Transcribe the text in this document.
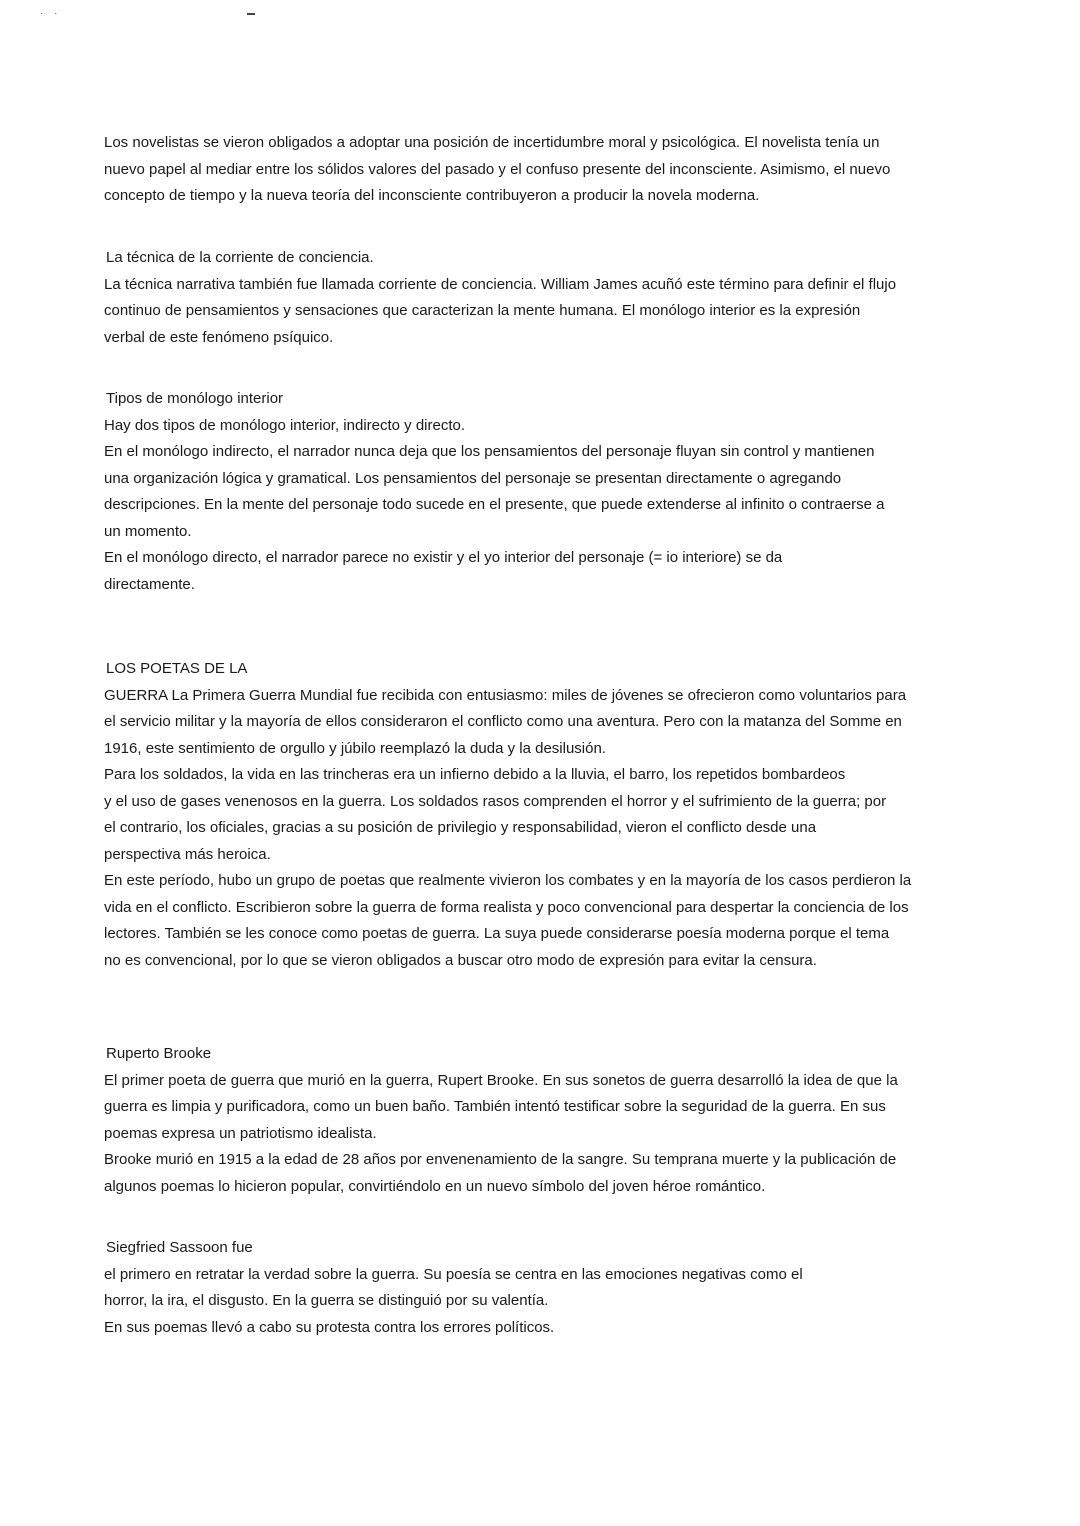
· ·

Los novelistas se vieron obligados a adoptar una posición de incertidumbre moral y psicológica. El novelista tenía un

nuevo papel al mediar entre los sólidos valores del pasado y el confuso presente del inconsciente. Asimismo, el nuevo

concepto de tiempo y la nueva teoría del inconsciente contribuyeron a producir la novela moderna.

La técnica de la corriente de conciencia.

La técnica narrativa también fue llamada corriente de conciencia. William James acuñó este término para definir el flujo

continuo de pensamientos y sensaciones que caracterizan la mente humana. El monólogo interior es la expresión

verbal de este fenómeno psíquico.

Tipos de monólogo interior

Hay dos tipos de monólogo interior, indirecto y directo.

En el monólogo indirecto, el narrador nunca deja que los pensamientos del personaje fluyan sin control y mantienen

una organización lógica y gramatical. Los pensamientos del personaje se presentan directamente o agregando

descripciones. En la mente del personaje todo sucede en el presente, que puede extenderse al infinito o contraerse a

un momento.

En el monólogo directo, el narrador parece no existir y el yo interior del personaje (= io interiore) se da

directamente.

LOS POETAS DE LA

GUERRA La Primera Guerra Mundial fue recibida con entusiasmo: miles de jóvenes se ofrecieron como voluntarios para

el servicio militar y la mayoría de ellos consideraron el conflicto como una aventura. Pero con la matanza del Somme en

1916, este sentimiento de orgullo y júbilo reemplazó la duda y la desilusión.

Para los soldados, la vida en las trincheras era un infierno debido a la lluvia, el barro, los repetidos bombardeos

y el uso de gases venenosos en la guerra. Los soldados rasos comprenden el horror y el sufrimiento de la guerra; por

el contrario, los oficiales, gracias a su posición de privilegio y responsabilidad, vieron el conflicto desde una

perspectiva más heroica.

En este período, hubo un grupo de poetas que realmente vivieron los combates y en la mayoría de los casos perdieron la

vida en el conflicto. Escribieron sobre la guerra de forma realista y poco convencional para despertar la conciencia de los

lectores. También se les conoce como poetas de guerra. La suya puede considerarse poesía moderna porque el tema

no es convencional, por lo que se vieron obligados a buscar otro modo de expresión para evitar la censura.

Ruperto Brooke

El primer poeta de guerra que murió en la guerra, Rupert Brooke. En sus sonetos de guerra desarrolló la idea de que la

guerra es limpia y purificadora, como un buen baño. También intentó testificar sobre la seguridad de la guerra. En sus

poemas expresa un patriotismo idealista.

Brooke murió en 1915 a la edad de 28 años por envenenamiento de la sangre. Su temprana muerte y la publicación de

algunos poemas lo hicieron popular, convirtiéndolo en un nuevo símbolo del joven héroe romántico.

Siegfried Sassoon fue

el primero en retratar la verdad sobre la guerra. Su poesía se centra en las emociones negativas como el

horror, la ira, el disgusto. En la guerra se distinguió por su valentía.

En sus poemas llevó a cabo su protesta contra los errores políticos.
